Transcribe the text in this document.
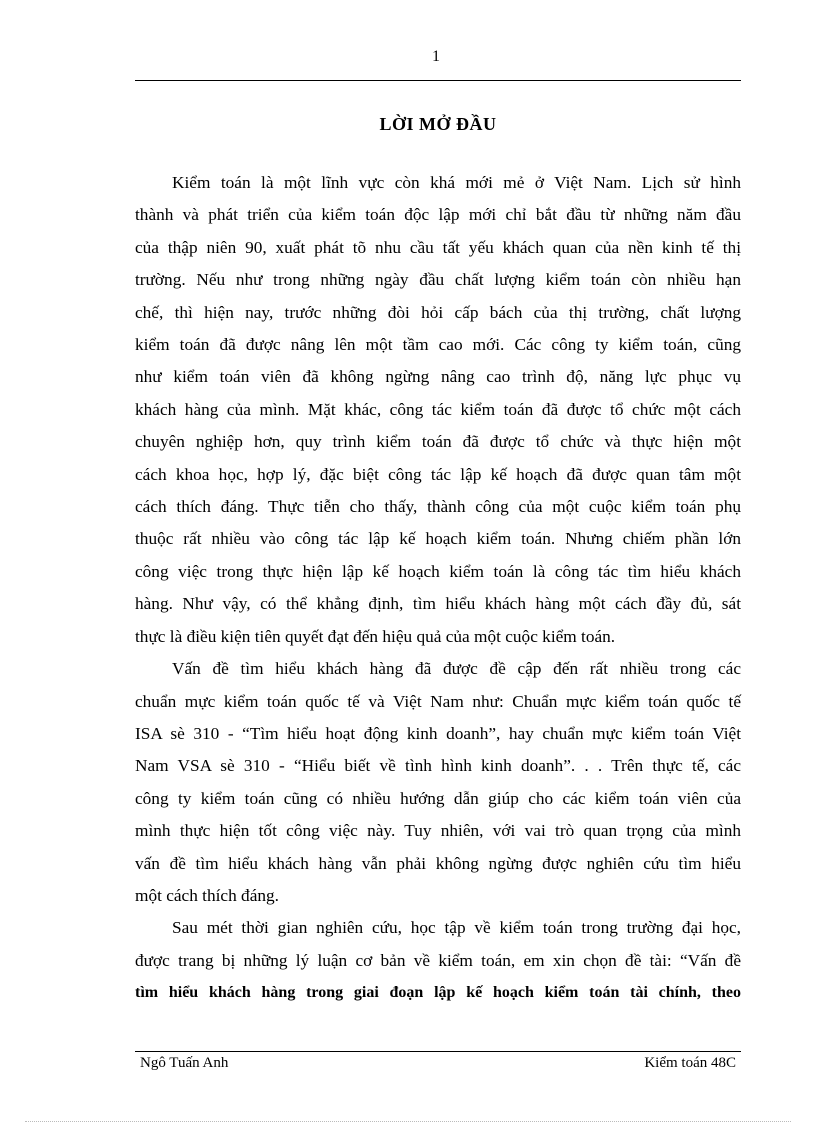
1
LỜI MỞ ĐẦU

Kiểm toán là một lĩnh vực còn khá mới mẻ ở Việt Nam. Lịch sử hình
thành và phát triển của kiểm toán độc lập mới chỉ bắt đầu từ những năm đầu
của thập niên 90, xuất phát tõ nhu cầu tất yếu khách quan của nền kinh tế thị
trường. Nếu như trong những ngày đầu chất lượng kiểm toán còn nhiều hạn
chế, thì hiện nay, trước những đòi hỏi cấp bách của thị trường, chất lượng
kiểm toán đã được nâng lên một tầm cao mới. Các công ty kiểm toán, cũng
như kiểm toán viên đã không ngừng nâng cao trình độ, năng lực phục vụ
khách hàng của mình. Mặt khác, công tác kiểm toán đã được tổ chức một cách
chuyên nghiệp hơn, quy trình kiểm toán đã được tổ chức và thực hiện một
cách khoa học, hợp lý, đặc biệt công tác lập kế hoạch đã được quan tâm một
cách thích đáng. Thực tiễn cho thấy, thành công của một cuộc kiểm toán phụ
thuộc rất nhiều vào công tác lập kế hoạch kiểm toán. Nhưng chiếm phần lớn
công việc trong thực hiện lập kế hoạch kiểm toán là công tác tìm hiểu khách
hàng. Như vậy, có thể khẳng định, tìm hiểu khách hàng một cách đầy đủ, sát
thực là điều kiện tiên quyết đạt đến hiệu quả của một cuộc kiểm toán.

Vấn đề tìm hiểu khách hàng đã được đề cập đến rất nhiều trong các
chuẩn mực kiểm toán quốc tế và Việt Nam như: Chuẩn mực kiểm toán quốc tế
ISA sè 310 - “Tìm hiểu hoạt động kinh doanh”, hay chuẩn mực kiểm toán Việt
Nam VSA sè 310 - “Hiểu biết về tình hình kinh doanh”. . . Trên thực tế, các
công ty kiểm toán cũng có nhiều hướng dẫn giúp cho các kiểm toán viên của
mình thực hiện tốt công việc này. Tuy nhiên, với vai trò quan trọng của mình
vấn đề tìm hiểu khách hàng vẫn phải không ngừng được nghiên cứu tìm hiểu
một cách thích đáng.

Sau mét thời gian nghiên cứu, học tập về kiểm toán trong trường đại học,
được trang bị những lý luận cơ bản về kiểm toán, em xin chọn đề tài: “Vấn đề
tìm hiểu khách hàng trong giai đoạn lập kế hoạch kiểm toán tài chính, theo

Ngô Tuấn Anh	Kiểm toán 48C
